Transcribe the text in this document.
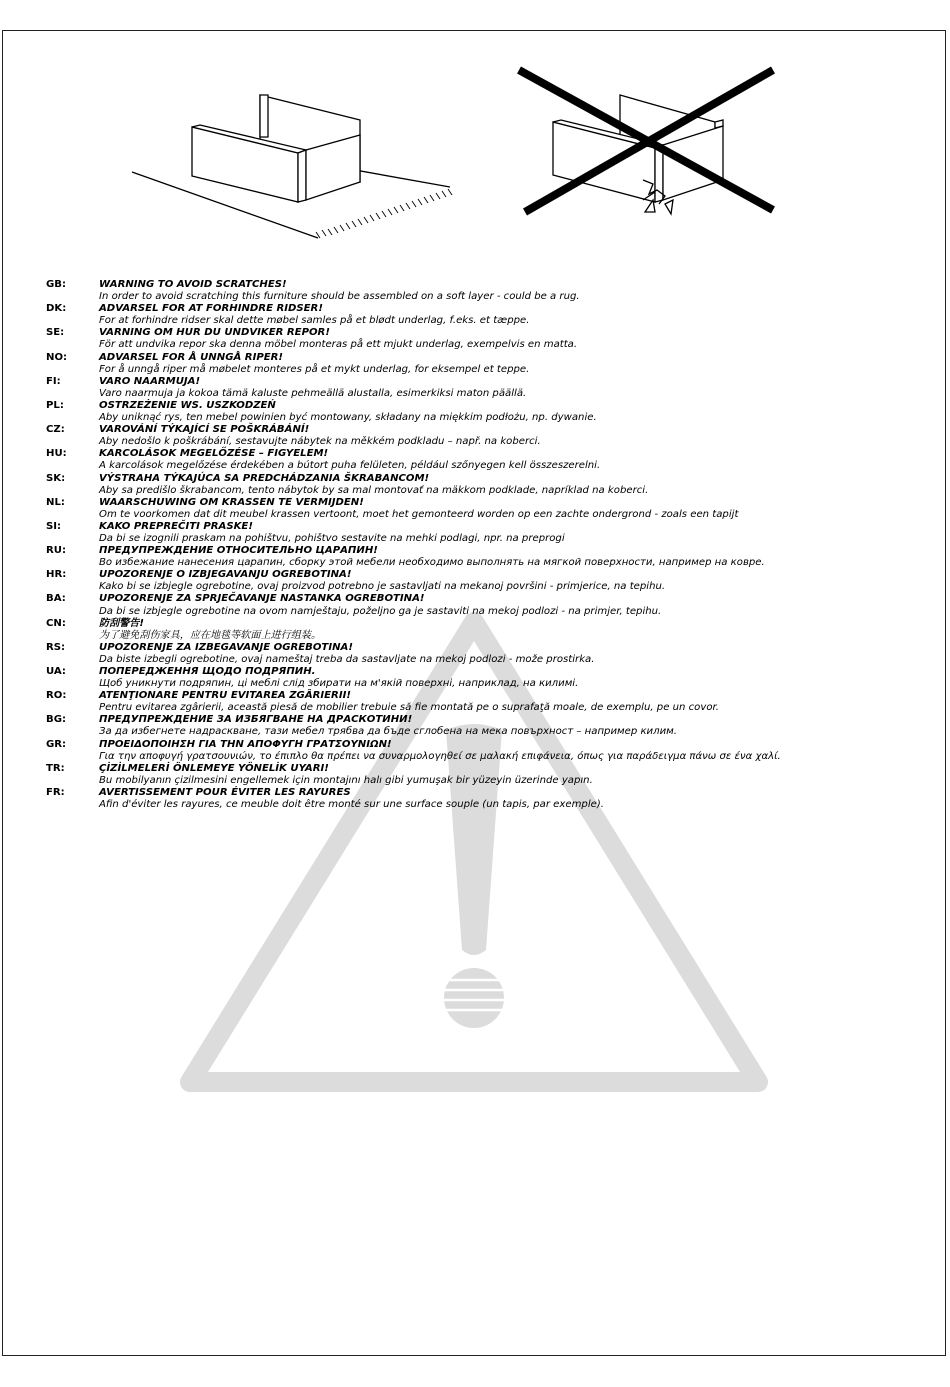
GB:	WARNING TO AVOID SCRATCHES!
In order to avoid scratching this furniture should be assembled on a soft layer - could be a rug.
DK:	ADVARSEL FOR AT FORHINDRE RIDSER!
For at forhindre ridser skal dette møbel samles på et blødt underlag, f.eks. et tæppe.
SE:	VARNING OM HUR DU UNDVIKER REPOR!
För att undvika repor ska denna möbel monteras på ett mjukt underlag, exempelvis en matta.
NO:	ADVARSEL FOR Å UNNGÅ RIPER!
For å unngå riper må møbelet monteres på et mykt underlag, for eksempel et teppe.
FI:	VARO NAARMUJA!
Varo naarmuja ja kokoa tämä kaluste pehmeällä alustalla, esimerkiksi maton päällä.
PL:	OSTRZEŻENIE WS. USZKODZEŃ
Aby uniknąć rys, ten mebel powinien być montowany, składany na miękkim podłożu, np. dywanie.
CZ:	VAROVÁNÍ TÝKAJÍCÍ SE POŠKRÁBÁNÍ!
Aby nedošlo k poškrábání, sestavujte nábytek na měkkém podkladu – např. na koberci.
HU:	KARCOLÁSOK MEGELŐZÉSE – FIGYELEM!
A karcolások megelőzése érdekében a bútort puha felületen, például szőnyegen kell összeszerelni.
SK:	VÝSTRAHA TÝKAJÚCA SA PREDCHÁDZANIA ŠKRABANCOM!
Aby sa predišlo škrabancom, tento nábytok by sa mal montovať na mäkkom podklade, napríklad na koberci.
NL:	WAARSCHUWING OM KRASSEN TE VERMIJDEN!
Om te voorkomen dat dit meubel krassen vertoont, moet het gemonteerd worden op een zachte ondergrond - zoals een tapijt
SI:	KAKO PREPREČITI PRASKE!
Da bi se izognili praskam na pohištvu, pohištvo sestavite na mehki podlagi, npr. na preprogi
RU:	ПРЕДУПРЕЖДЕНИЕ ОТНОСИТЕЛЬНО ЦАРАПИН!
Во избежание нанесения царапин, сборку этой мебели необходимо выполнять на мягкой поверхности, например на ковре.
HR:	UPOZORENJE O IZBJEGAVANJU OGREBOTINA!
Kako bi se izbjegle ogrebotine, ovaj proizvod potrebno je sastavljati na mekanoj površini - primjerice, na tepihu.
BA:	UPOZORENJE ZA SPRJEČAVANJE NASTANKA OGREBOTINA!
Da bi se izbjegle ogrebotine na ovom namještaju, poželjno ga je sastaviti na mekoj podlozi - na primjer, tepihu.
CN:	防刮警告!
为了避免刮伤家具，应在地毯等软面上进行组装。
RS:	UPOZORENJE ZA IZBEGAVANJE OGREBOTINA!
Da biste izbegli ogrebotine, ovaj nameštaj treba da sastavljate na mekoj podlozi - može prostirka.
UA:	ПОПЕРЕДЖЕННЯ ЩОДО ПОДРЯПИН.
Щоб уникнути подряпин, ці меблі слід збирати на м'якій поверхні, наприклад, на килимі.
RO:	ATENŢIONARE PENTRU EVITAREA ZGÂRIERII!
Pentru evitarea zgârierii, această piesă de mobilier trebuie să fie montată pe o suprafaţă moale, de exemplu, pe un covor.
BG:	ПРЕДУПРЕЖДЕНИЕ ЗА ИЗБЯГВАНЕ НА ДРАСКОТИНИ!
За да избегнете надраскване, тази мебел трябва да бъде сглобена на мека повърхност – например килим.
GR:	ΠΡΟΕΙΔΟΠΟΙΗΣΗ ΓΙΑ ΤΗΝ ΑΠΟΦΥΓΗ ΓΡΑΤΣΟΥΝΙΩΝ!
Για την αποφυγή γρατσουνιών, το έπιπλο θα πρέπει να συναρμολογηθεί σε μαλακή επιφάνεια, όπως για παράδειγμα πάνω σε ένα χαλί.
TR:	ÇİZİLMELERİ ÖNLEMEYE YÖNELİK UYARI!
Bu mobilyanın çizilmesini engellemek için montajını halı gibi yumuşak bir yüzeyin üzerinde yapın.
FR:	AVERTISSEMENT POUR ÉVITER LES RAYURES
Afin d'éviter les rayures, ce meuble doit être monté sur une surface souple (un tapis, par exemple).
